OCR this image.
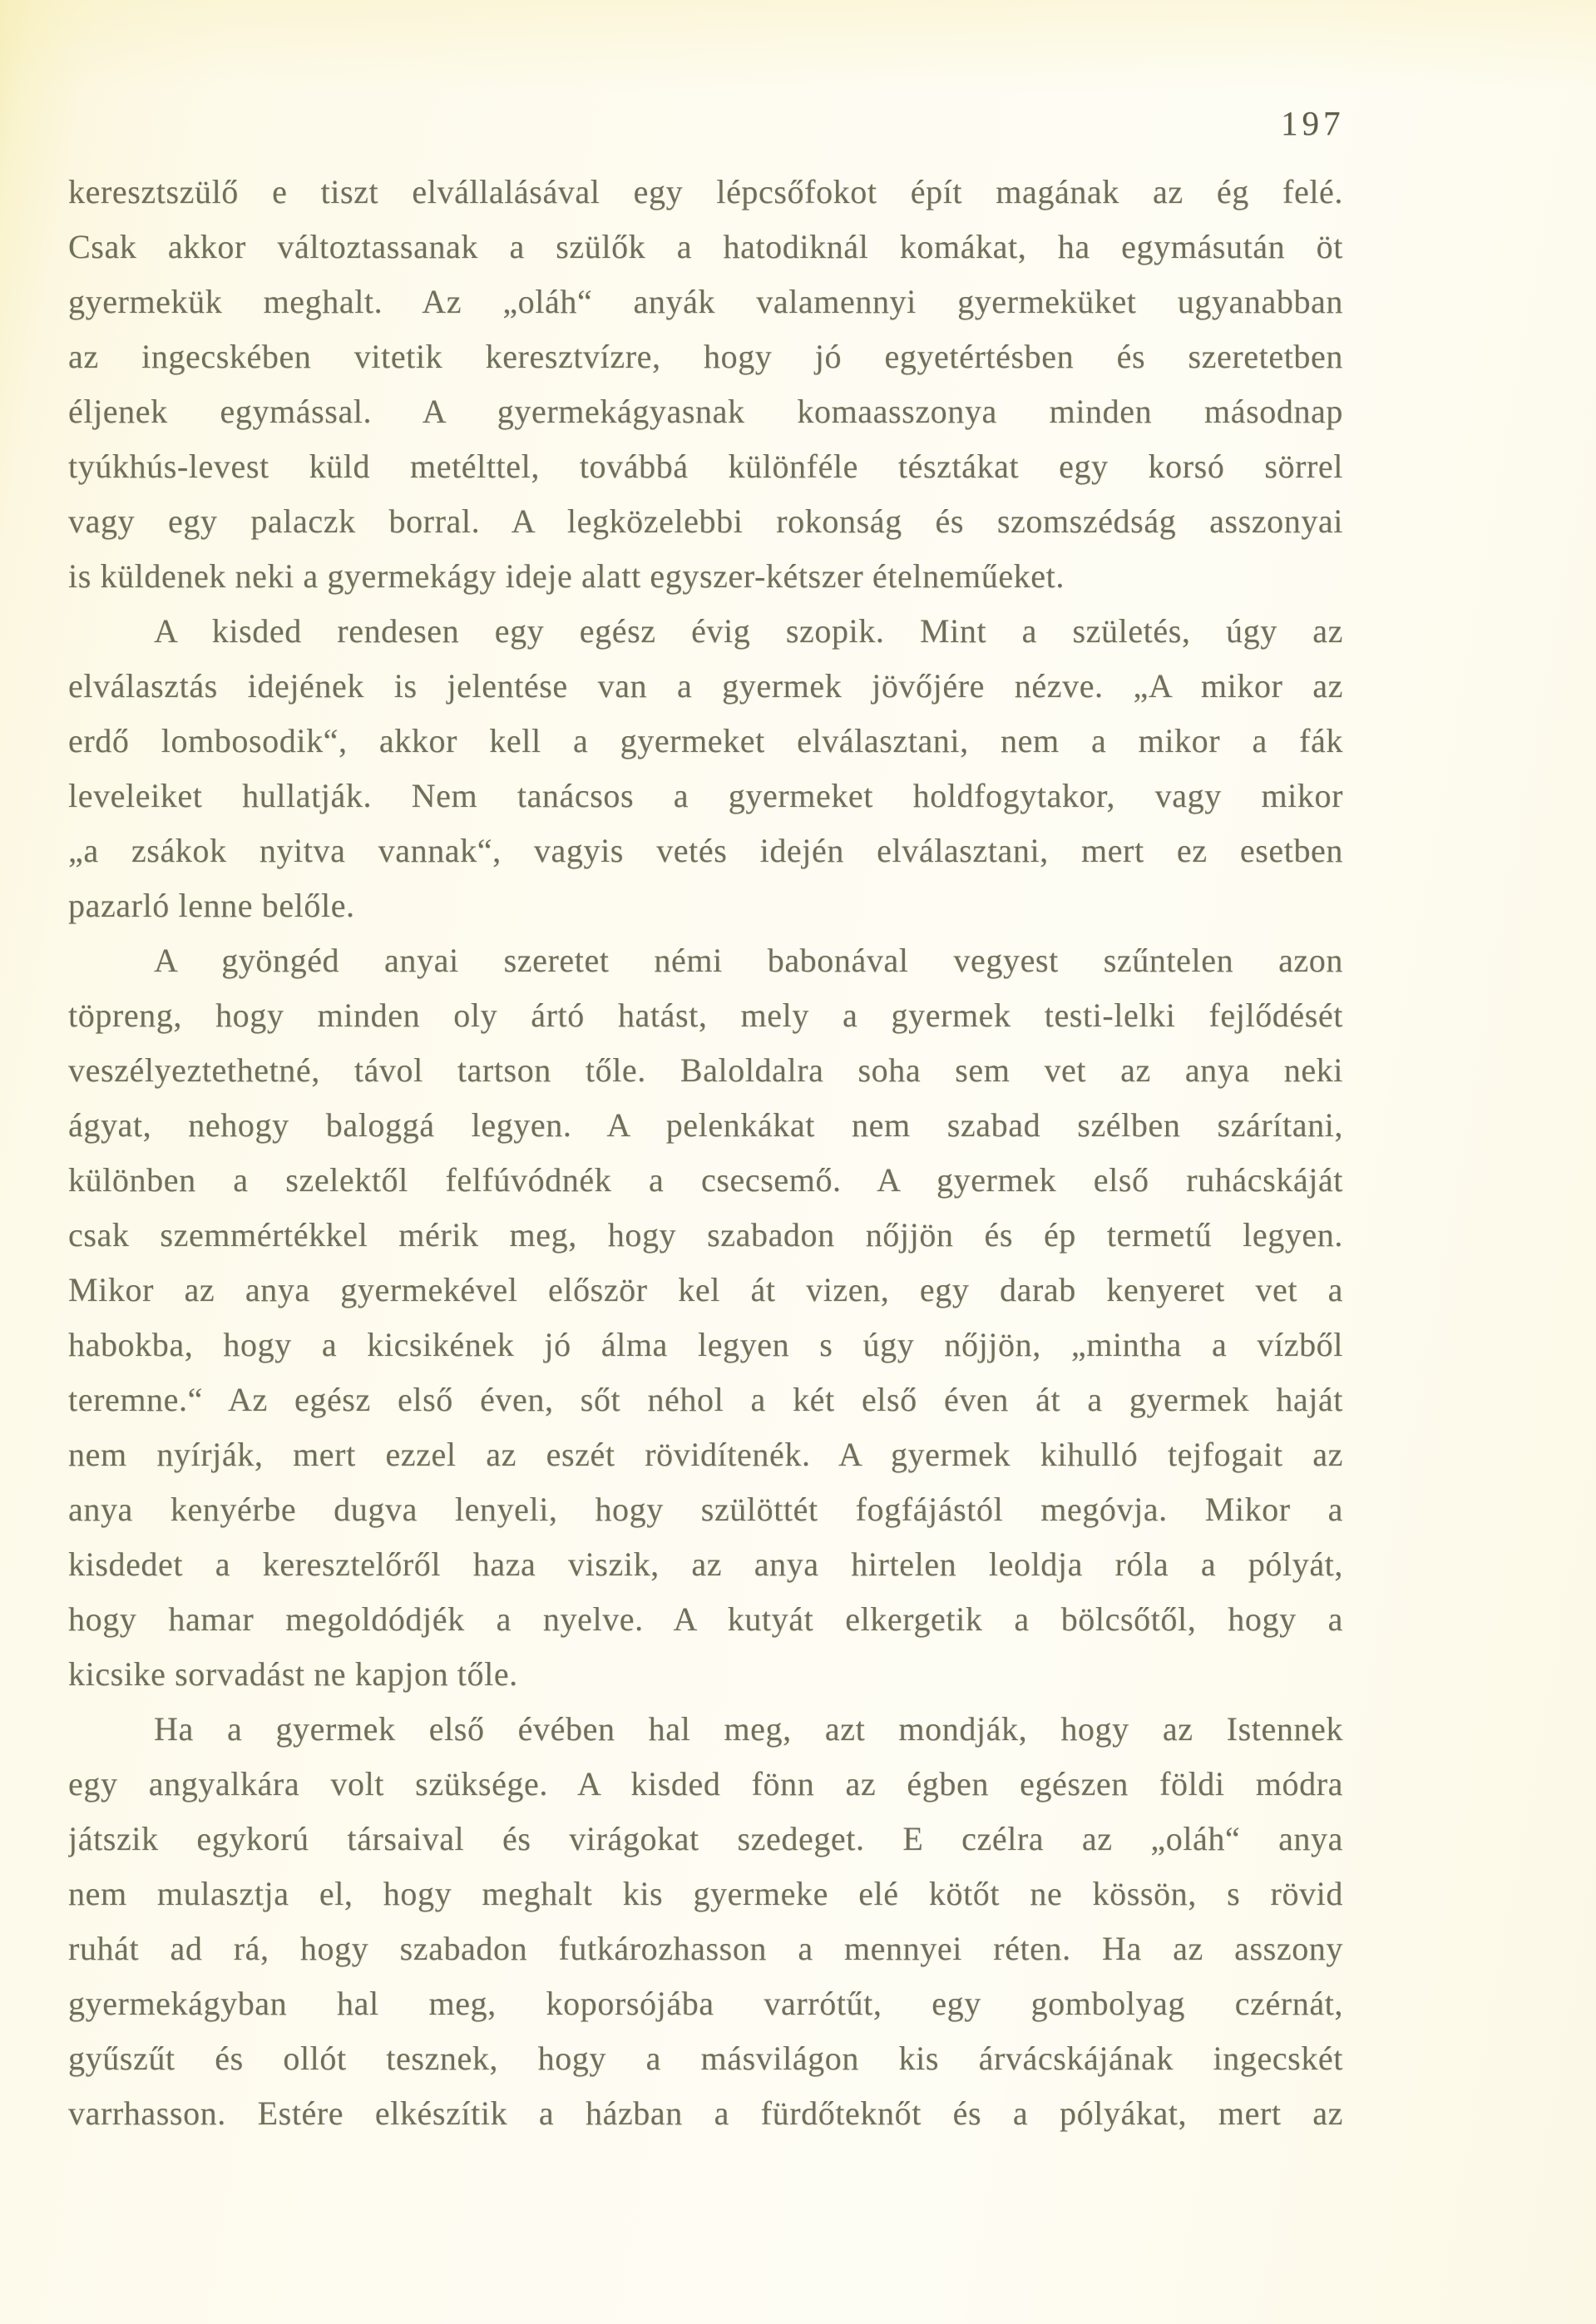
197
keresztszülő e tiszt elvállalásával egy lépcsőfokot épít magának az ég felé.
Csak akkor változtassanak a szülők a hatodiknál komákat, ha egymásután öt
gyermekük meghalt. Az „oláh“ anyák valamennyi gyermeküket ugyanabban
az ingecskében vitetik keresztvízre, hogy jó egyetértésben és szeretetben
éljenek egymással. A gyermekágyasnak komaasszonya minden másodnap
tyúkhús-levest küld metélttel, továbbá különféle tésztákat egy korsó sörrel
vagy egy palaczk borral. A legközelebbi rokonság és szomszédság asszonyai
is küldenek neki a gyermekágy ideje alatt egyszer-kétszer ételneműeket.
A kisded rendesen egy egész évig szopik. Mint a születés, úgy az
elválasztás idejének is jelentése van a gyermek jövőjére nézve. „A mikor az
erdő lombosodik“, akkor kell a gyermeket elválasztani, nem a mikor a fák
leveleiket hullatják. Nem tanácsos a gyermeket holdfogytakor, vagy mikor
„a zsákok nyitva vannak“, vagyis vetés idején elválasztani, mert ez esetben
pazarló lenne belőle.
A gyöngéd anyai szeretet némi babonával vegyest szűntelen azon
töpreng, hogy minden oly ártó hatást, mely a gyermek testi-lelki fejlődését
veszélyeztethetné, távol tartson tőle. Baloldalra soha sem vet az anya neki
ágyat, nehogy baloggá legyen. A pelenkákat nem szabad szélben szárítani,
különben a szelektől felfúvódnék a csecsemő. A gyermek első ruhácskáját
csak szemmértékkel mérik meg, hogy szabadon nőjjön és ép termetű legyen.
Mikor az anya gyermekével először kel át vizen, egy darab kenyeret vet a
habokba, hogy a kicsikének jó álma legyen s úgy nőjjön, „mintha a vízből
teremne.“ Az egész első éven, sőt néhol a két első éven át a gyermek haját
nem nyírják, mert ezzel az eszét rövidítenék. A gyermek kihulló tejfogait az
anya kenyérbe dugva lenyeli, hogy szülöttét fogfájástól megóvja. Mikor a
kisdedet a keresztelőről haza viszik, az anya hirtelen leoldja róla a pólyát,
hogy hamar megoldódjék a nyelve. A kutyát elkergetik a bölcsőtől, hogy a
kicsike sorvadást ne kapjon tőle.
Ha a gyermek első évében hal meg, azt mondják, hogy az Istennek
egy angyalkára volt szüksége. A kisded fönn az égben egészen földi módra
játszik egykorú társaival és virágokat szedeget. E czélra az „oláh“ anya
nem mulasztja el, hogy meghalt kis gyermeke elé kötőt ne kössön, s rövid
ruhát ad rá, hogy szabadon futkározhasson a mennyei réten. Ha az asszony
gyermekágyban hal meg, koporsójába varrótűt, egy gombolyag czérnát,
gyűszűt és ollót tesznek, hogy a másvilágon kis árvácskájának ingecskét
varrhasson. Estére elkészítik a házban a fürdőteknőt és a pólyákat, mert az
